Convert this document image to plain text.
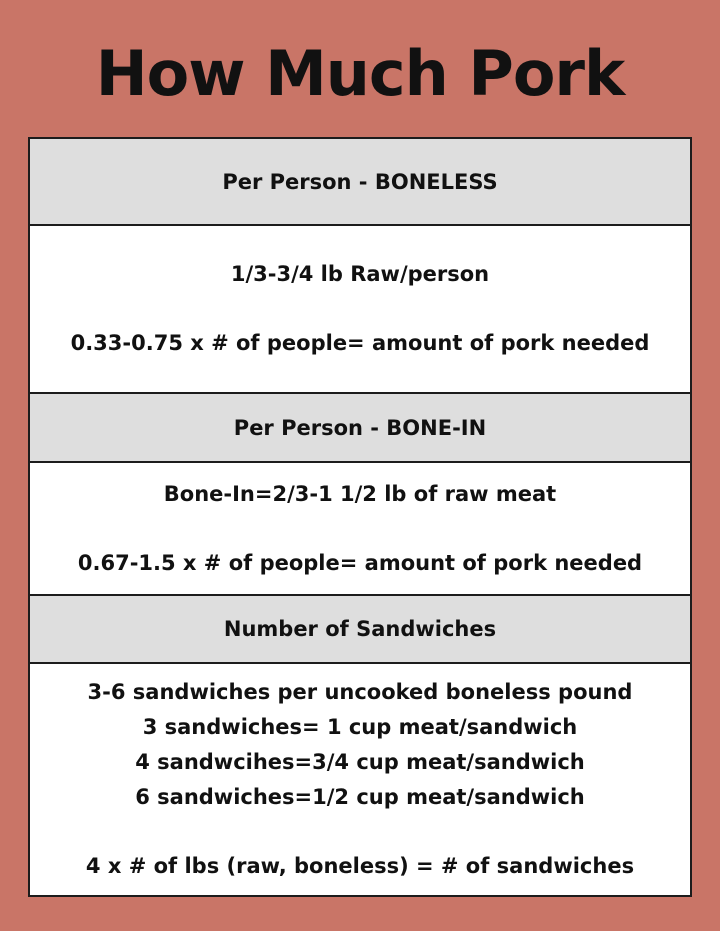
How Much Pork
Per Person - BONELESS
1/3-3/4 lb Raw/person
0.33-0.75 x # of people= amount of pork needed
Per Person - BONE-IN
Bone-In=2/3-1 1/2 lb of raw meat
0.67-1.5 x # of people= amount of pork needed
Number of Sandwiches
3-6 sandwiches per uncooked boneless pound
3 sandwiches= 1 cup meat/sandwich
4 sandwcihes=3/4 cup meat/sandwich
6 sandwiches=1/2 cup meat/sandwich
4 x # of lbs (raw, boneless) = # of sandwiches
